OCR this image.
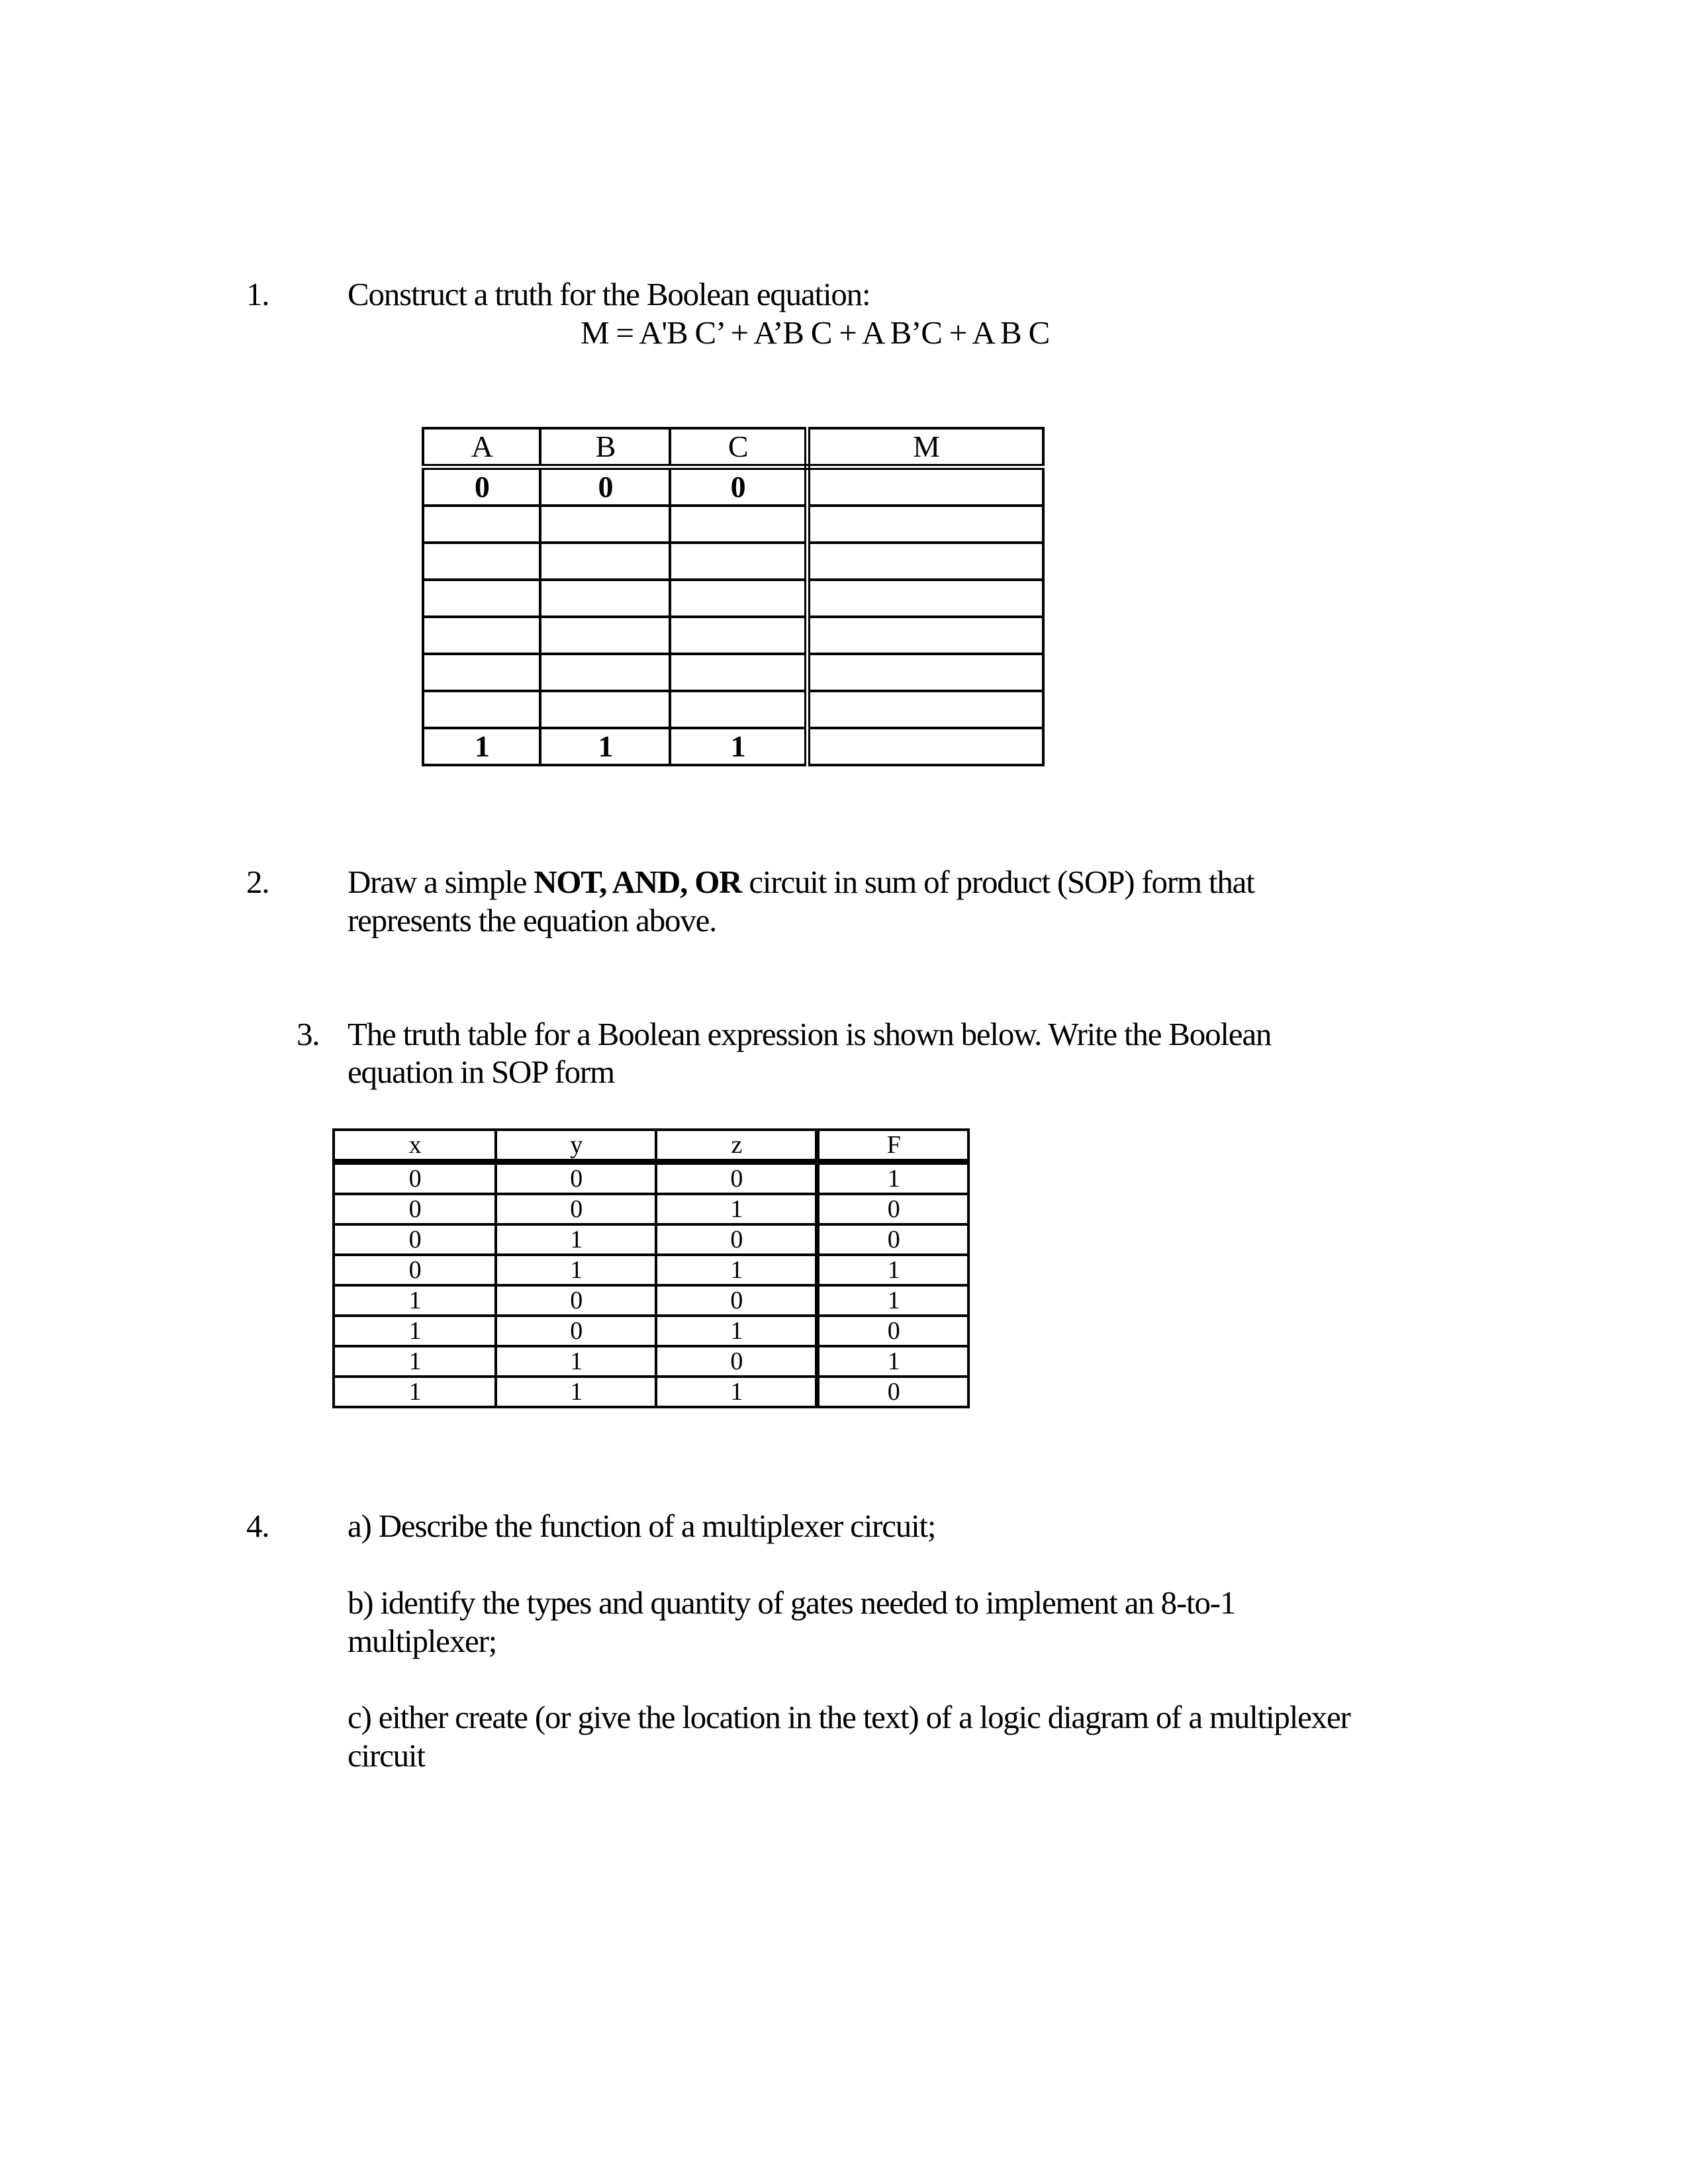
1. Construct a truth for the Boolean equation:
M = A'B C’ + A’B C + A B’C + A B C
A	B	C	M
0	0	0	

1	1	1	
2. Draw a simple NOT, AND, OR circuit in sum of product (SOP) form that
represents the equation above.
3. The truth table for a Boolean expression is shown below. Write the Boolean
equation in SOP form
x	y	z	F
0	0	0	1
0	0	1	0
0	1	0	0
0	1	1	1
1	0	0	1
1	0	1	0
1	1	0	1
1	1	1	0
4. a) Describe the function of a multiplexer circuit;
b) identify the types and quantity of gates needed to implement an 8-to-1
multiplexer;
c) either create (or give the location in the text) of a logic diagram of a multiplexer
circuit
